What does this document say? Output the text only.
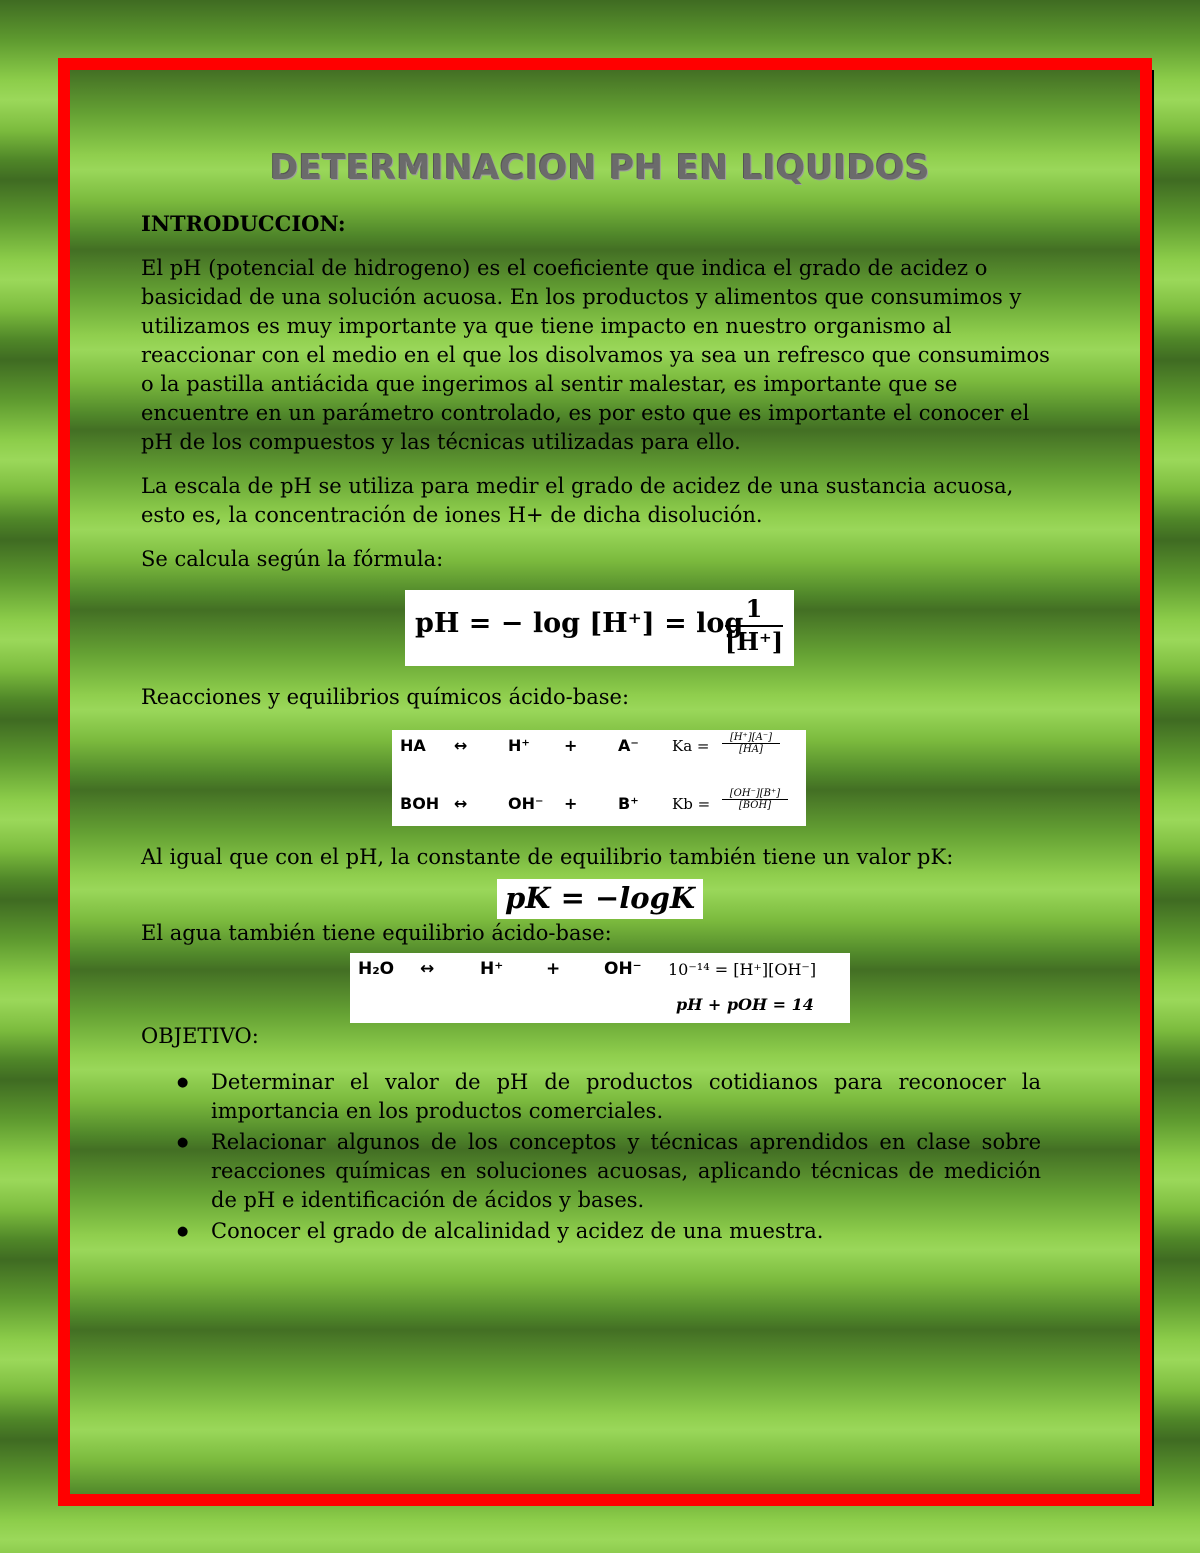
DETERMINACION PH EN LIQUIDOS
INTRODUCCION:
El pH (potencial de hidrogeno) es el coeficiente que indica el grado de acidez o basicidad de una solución acuosa. En los productos y alimentos que consumimos y utilizamos es muy importante ya que tiene impacto en nuestro organismo al reaccionar con el medio en el que los disolvamos ya sea un refresco que consumimos o la pastilla antiácida que ingerimos al sentir malestar, es importante que se encuentre en un parámetro controlado, es por esto que es importante el conocer el pH de los compuestos y las técnicas utilizadas para ello.
La escala de pH se utiliza para medir el grado de acidez de una sustancia acuosa, esto es, la concentración de iones H+ de dicha disolución.
Se calcula según la fórmula:
pH = − log [H⁺] = log
$\frac{1}{[H^+]}$
Reacciones y equilibrios químicos ácido-base:
HA ↔	H⁺ +	A⁻ $Ka = \frac{[H^+][A^-]}{[HA]}$
BOH ↔	OH⁻ +	B⁺ Kb =
[OH⁻][B⁺]
[BOH]
Al igual que con el pH, la constante de equilibrio también tiene un valor pK:
pK = −logK
El agua también tiene equilibrio ácido-base:
H₂O ↔	H⁺	+	OH⁻ 10⁻¹⁴ = [H⁺][OH⁻]
pH + pOH = 14
OBJETIVO:
● Determinar el valor de pH de productos cotidianos para reconocer la importancia en los productos comerciales.
● Relacionar algunos de los conceptos y técnicas aprendidos en clase sobre reacciones químicas en soluciones acuosas, aplicando técnicas de medición de pH e identificación de ácidos y bases.
● Conocer el grado de alcalinidad y acidez de una muestra.
